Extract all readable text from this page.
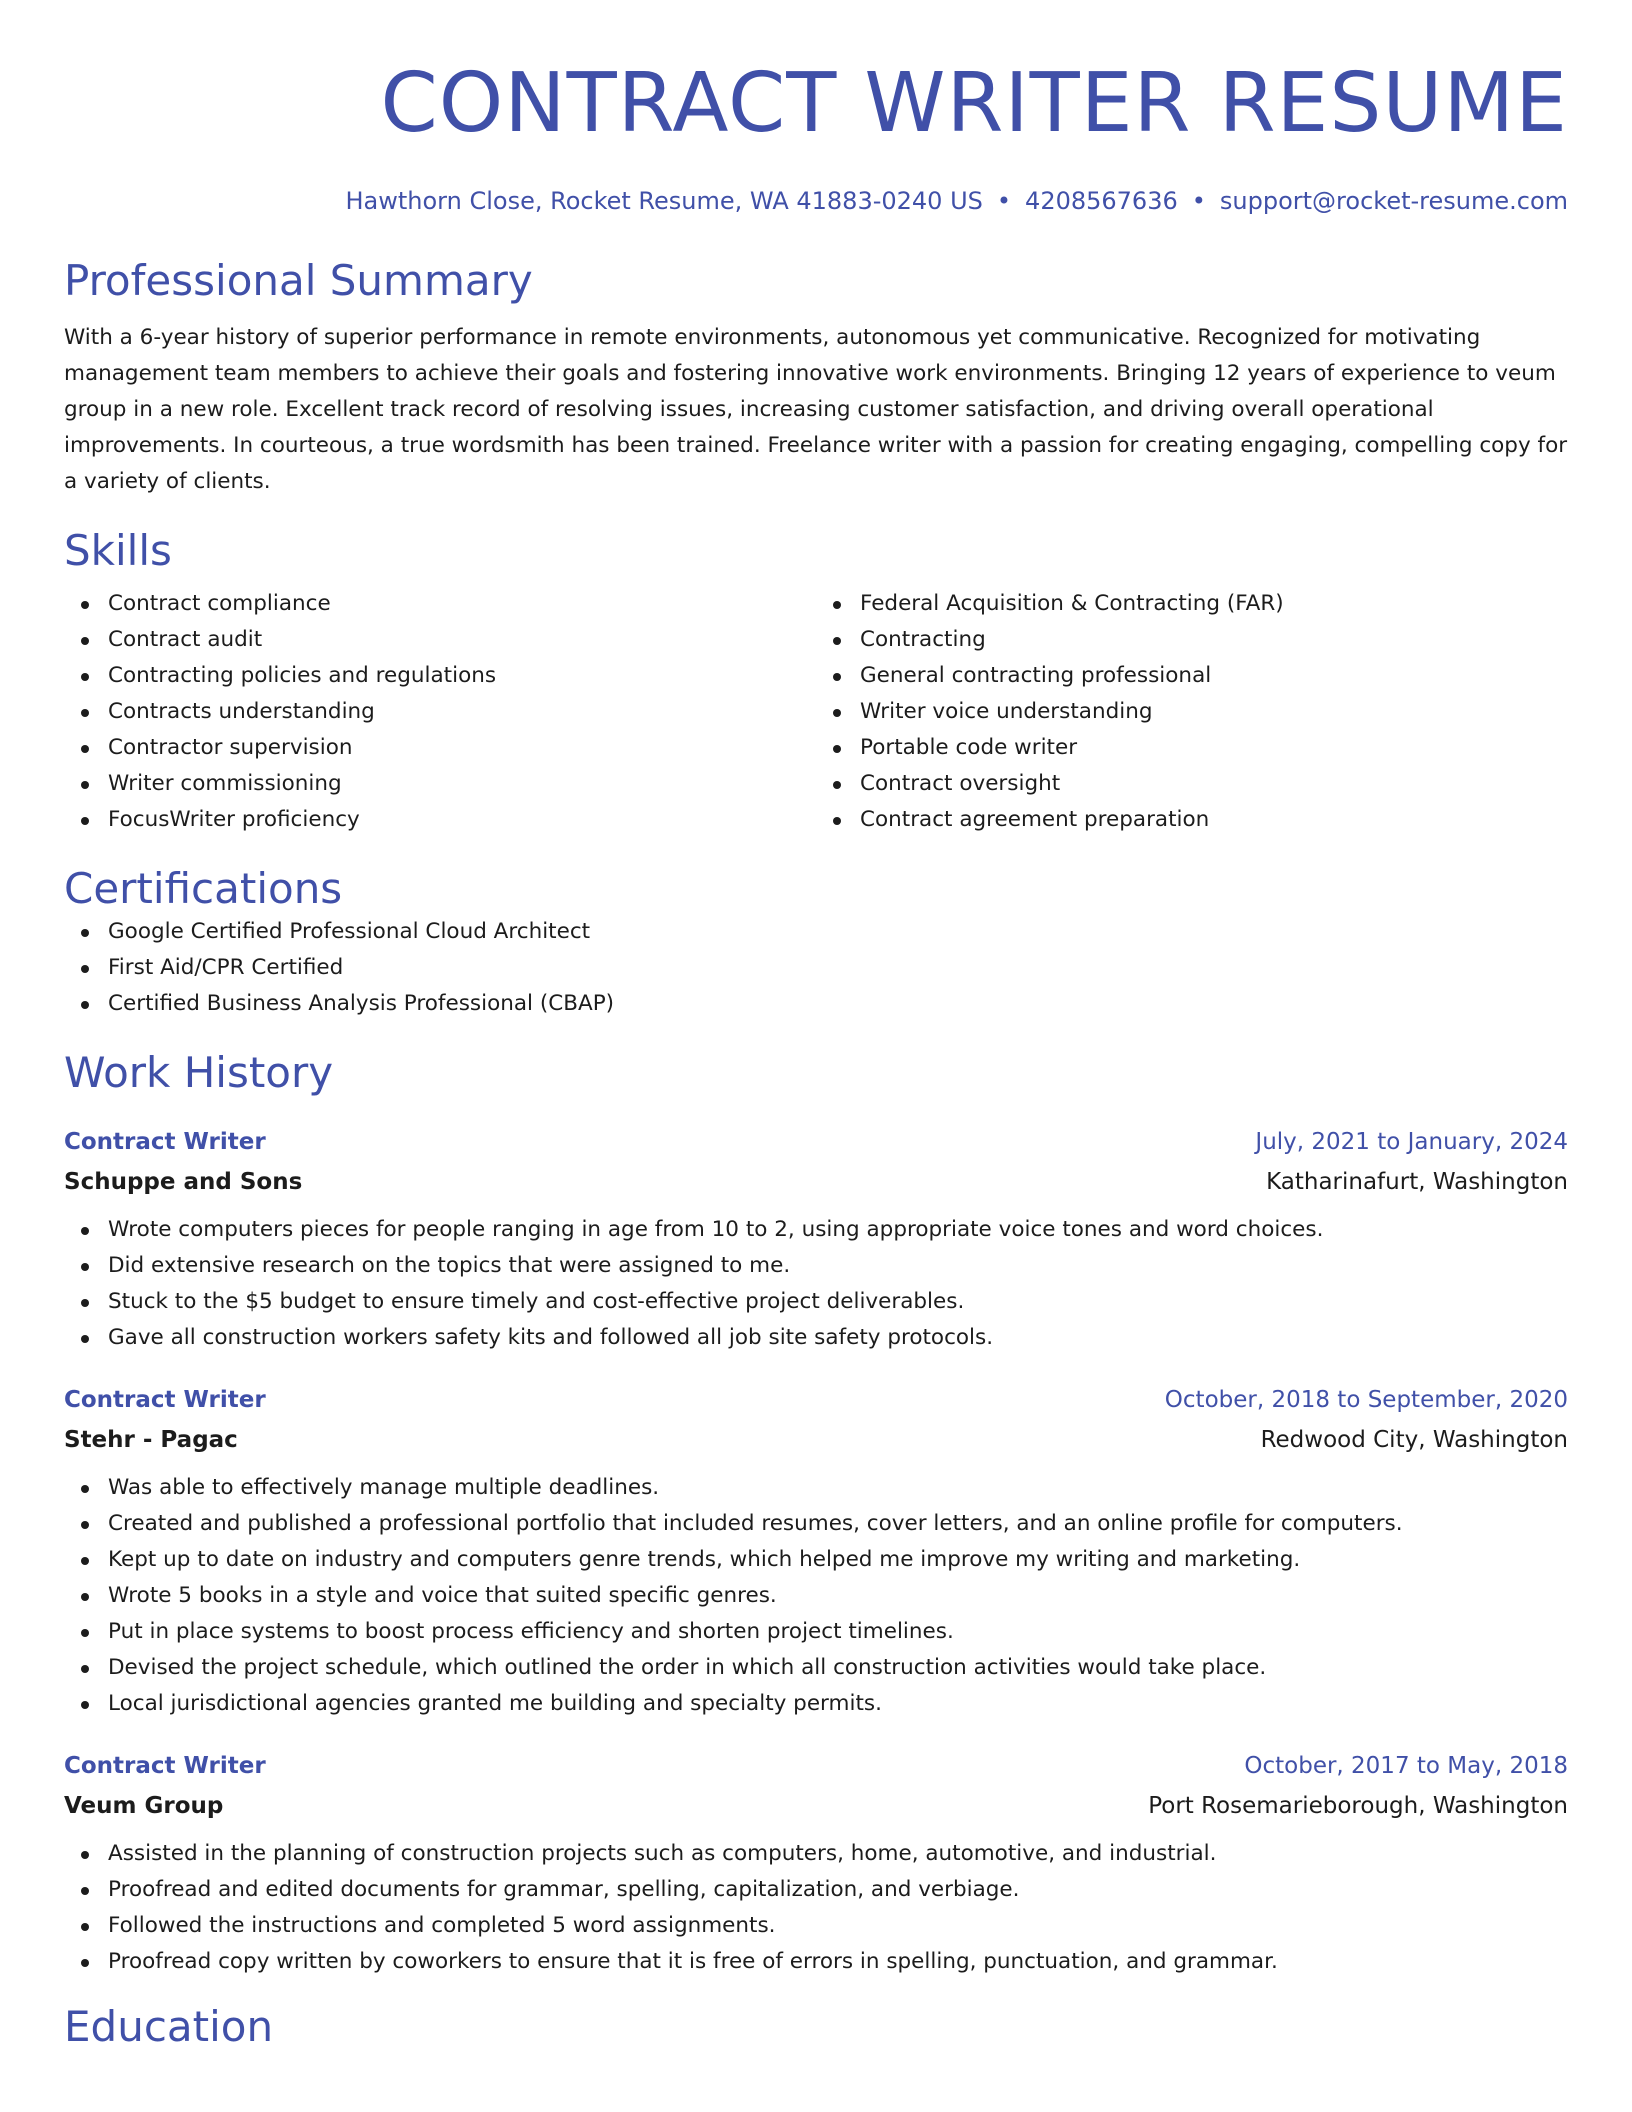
CONTRACT WRITER RESUME
Hawthorn Close, Rocket Resume, WA 41883-0240 US • 4208567636 • support@rocket-resume.com
Professional Summary
With a 6-year history of superior performance in remote environments, autonomous yet communicative. Recognized for motivating management team members to achieve their goals and fostering innovative work environments. Bringing 12 years of experience to veum group in a new role. Excellent track record of resolving issues, increasing customer satisfaction, and driving overall operational improvements. In courteous, a true wordsmith has been trained. Freelance writer with a passion for creating engaging, compelling copy for a variety of clients.
Skills
Contract compliance
Contract audit
Contracting policies and regulations
Contracts understanding
Contractor supervision
Writer commissioning
FocusWriter proficiency
Federal Acquisition & Contracting (FAR)
Contracting
General contracting professional
Writer voice understanding
Portable code writer
Contract oversight
Contract agreement preparation
Certifications
Google Certified Professional Cloud Architect
First Aid/CPR Certified
Certified Business Analysis Professional (CBAP)
Work History
Contract Writer	July, 2021 to January, 2024
Schuppe and Sons	Katharinafurt, Washington
Wrote computers pieces for people ranging in age from 10 to 2, using appropriate voice tones and word choices.
Did extensive research on the topics that were assigned to me.
Stuck to the $5 budget to ensure timely and cost-effective project deliverables.
Gave all construction workers safety kits and followed all job site safety protocols.
Contract Writer	October, 2018 to September, 2020
Stehr - Pagac	Redwood City, Washington
Was able to effectively manage multiple deadlines.
Created and published a professional portfolio that included resumes, cover letters, and an online profile for computers.
Kept up to date on industry and computers genre trends, which helped me improve my writing and marketing.
Wrote 5 books in a style and voice that suited specific genres.
Put in place systems to boost process efficiency and shorten project timelines.
Devised the project schedule, which outlined the order in which all construction activities would take place.
Local jurisdictional agencies granted me building and specialty permits.
Contract Writer	October, 2017 to May, 2018
Veum Group	Port Rosemarieborough, Washington
Assisted in the planning of construction projects such as computers, home, automotive, and industrial.
Proofread and edited documents for grammar, spelling, capitalization, and verbiage.
Followed the instructions and completed 5 word assignments.
Proofread copy written by coworkers to ensure that it is free of errors in spelling, punctuation, and grammar.
Education
